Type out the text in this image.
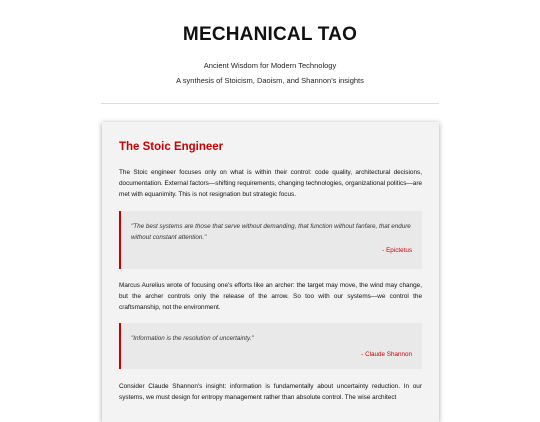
MECHANICAL TAO
Ancient Wisdom for Modern Technology
A synthesis of Stoicism, Daoism, and Shannon's insights
The Stoic Engineer

The Stoic engineer focuses only on what is within their control: code quality, architectural decisions, documentation. External factors—shifting requirements, changing technologies, organizational politics—are met with equanimity. This is not resignation but strategic focus.

"The best systems are those that serve without demanding, that function without fanfare, that endure without constant attention."

- Epictetus

Marcus Aurelius wrote of focusing one's efforts like an archer: the target may move, the wind may change, but the archer controls only the release of the arrow. So too with our systems—we control the craftsmanship, not the environment.

"Information is the resolution of uncertainty."

- Claude Shannon

Consider Claude Shannon's insight: information is fundamentally about uncertainty reduction. In our systems, we must design for entropy management rather than absolute control. The wise architect
